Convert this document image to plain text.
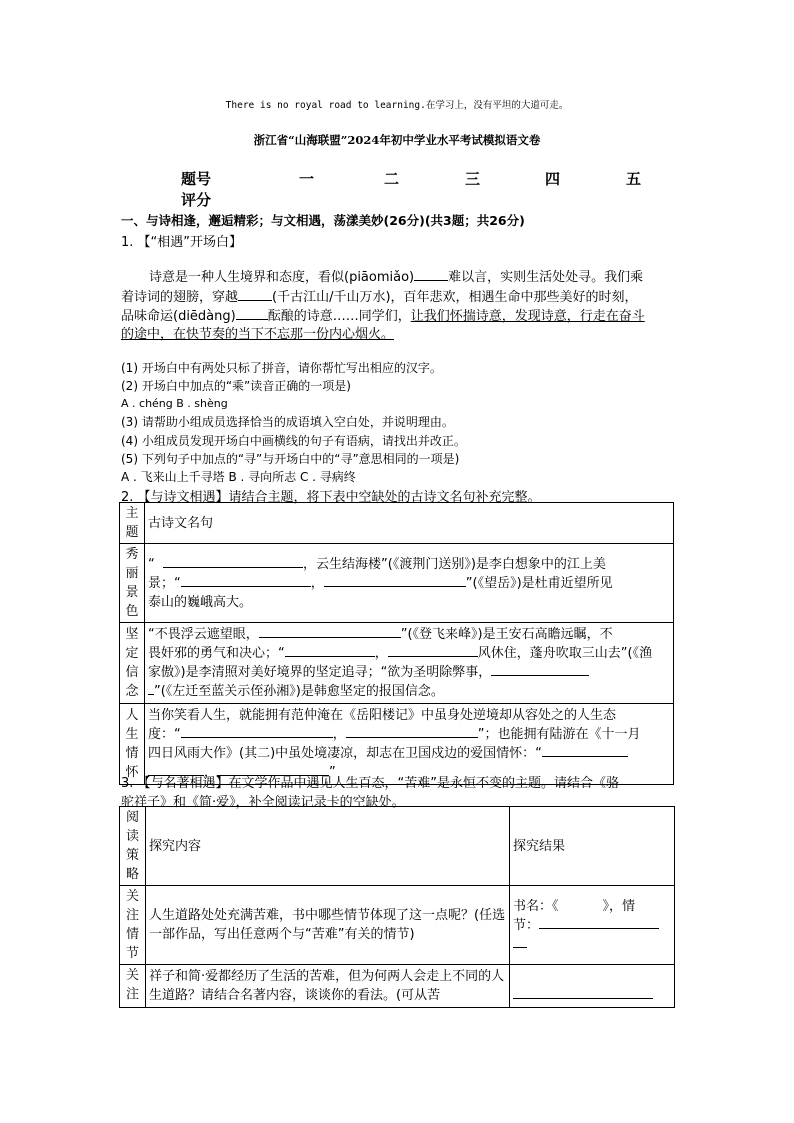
There is no royal road to learning.在学习上，没有平坦的大道可走。
浙江省“山海联盟”2024年初中学业水平考试模拟语文卷
题号	一	二	三	四	五
评分
一、与诗相逢，邂逅精彩；与文相遇，荡漾美妙(26分)(共3题；共26分)
1. 【“相遇”开场白】
诗意是一种人生境界和态度，看似(piāomiǎo)	难以言，实则生活处处寻。我们乘
着诗词的翅膀，穿越	(千古江山/千山万水)，百年悲欢，相遇生命中那些美好的时刻，
品味命运(diēdàng) 酝酿的诗意……同学们，让我们怀揣诗意，发现诗意，行走在奋斗
的途中，在快节奏的当下不忘那一份内心烟火。
(1) 开场白中有两处只标了拼音，请你帮忙写出相应的汉字。
(2) 开场白中加点的“乘”读音正确的一项是)
A . chéng B . shèng
(3) 请帮助小组成员选择恰当的成语填入空白处，并说明理由。
(4) 小组成员发现开场白中画横线的句子有语病，请找出并改正。
(5) 下列句子中加点的“寻”与开场白中的“寻”意思相同的一项是)
A . 飞来山上千寻塔 B . 寻向所志 C . 寻病终
2. 【与诗文相遇】请结合主题，将下表中空缺处的古诗文名句补充完整。
主题	古诗文名句
秀丽景色	“ ，云生结海楼”(《渡荆门送别》)是李白想象中的江上美
景；“ ， ”(《望岳》)是杜甫近望所见
泰山的巍峨高大。
坚定信念	“不畏浮云遮望眼， ”(《登飞来峰》)是王安石高瞻远瞩，不
畏奸邪的勇气和决心；“ ， 风休住，蓬舟吹取三山去”(《渔
家傲》)是李清照对美好境界的坚定追寻；“欲为圣明除弊事，
”(《左迁至蓝关示侄孙湘》)是韩愈坚定的报国信念。
人生情怀	当你笑看人生，就能拥有范仲淹在《岳阳楼记》中虽身处逆境却从容处之的人生态
度：“ ， ”；也能拥有陆游在《十一月
四日风雨大作》(其二)中虽处境凄凉，却志在卫国戍边的爱国情怀：“
， ”
3. 【与名著相遇】在文学作品中遇见人生百态，“苦难”是永恒不变的主题。请结合《骆
驼祥子》和《简·爱》，补全阅读记录卡的空缺处。
阅读策略	探究内容	探究结果
关注情节	人生道路处处充满苦难，书中哪些情节体现了这一点呢？(任选一部作品，写出任意两个与“苦难”有关的情节)	书名：《 》，情
节：

关注	祥子和简·爱都经历了生活的苦难，但为何两人会走上不同的人生道路？请结合名著内容，谈谈你的看法。(可从苦	
